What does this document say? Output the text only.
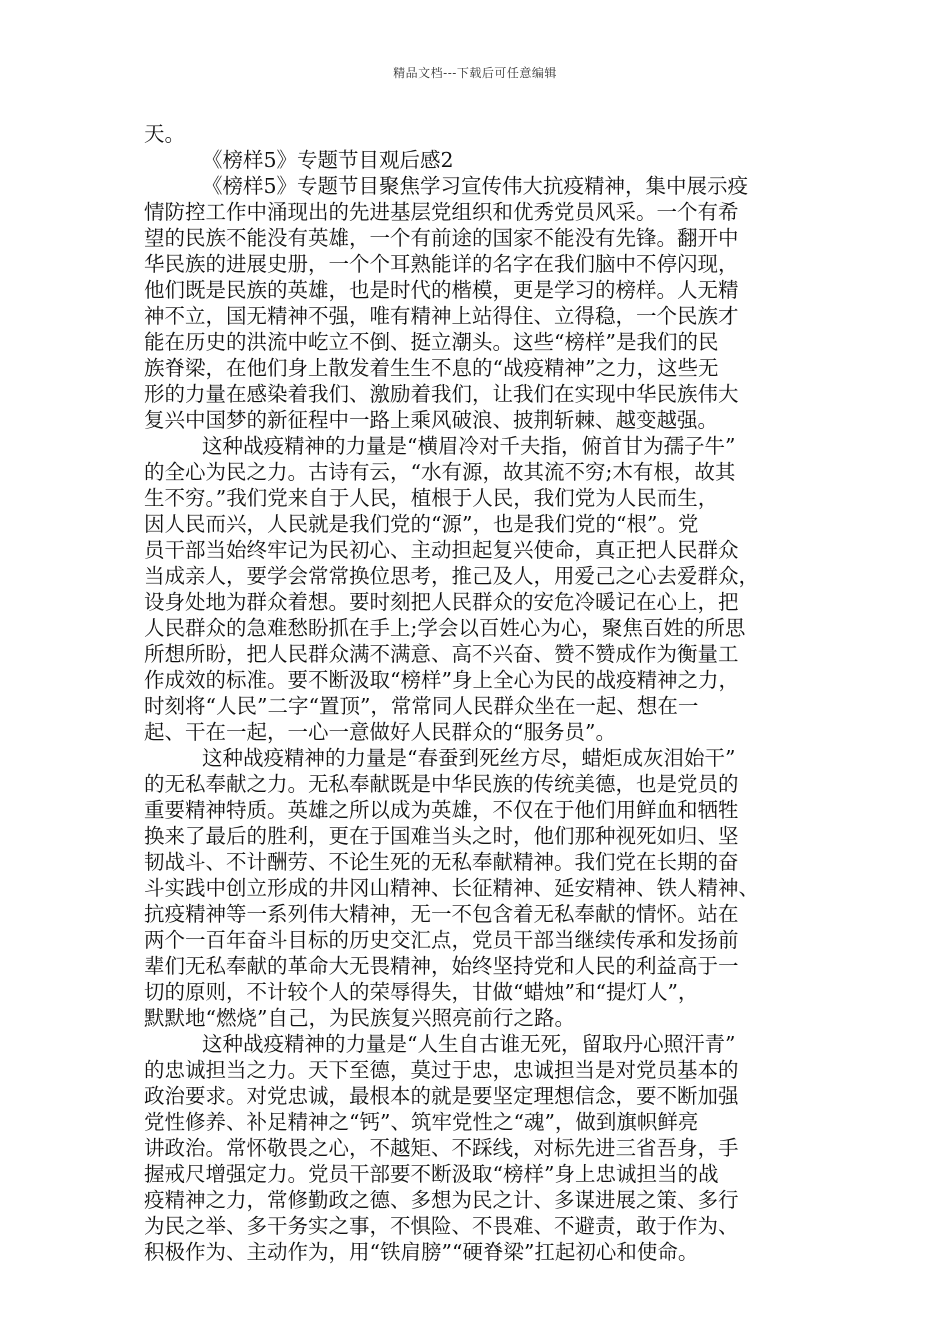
精品文档---下载后可任意编辑
天。
《榜样5》专题节目观后感2
《榜样5》专题节目聚焦学习宣传伟大抗疫精神，集中展示疫
情防控工作中涌现出的先进基层党组织和优秀党员风采。一个有希
望的民族不能没有英雄，一个有前途的国家不能没有先锋。翻开中
华民族的进展史册，一个个耳熟能详的名字在我们脑中不停闪现，
他们既是民族的英雄，也是时代的楷模，更是学习的榜样。人无精
神不立，国无精神不强，唯有精神上站得住、立得稳，一个民族才
能在历史的洪流中屹立不倒、挺立潮头。这些“榜样”是我们的民
族脊梁，在他们身上散发着生生不息的“战疫精神”之力，这些无
形的力量在感染着我们、激励着我们，让我们在实现中华民族伟大
复兴中国梦的新征程中一路上乘风破浪、披荆斩棘、越变越强。
这种战疫精神的力量是“横眉冷对千夫指，俯首甘为孺子牛”
的全心为民之力。古诗有云，“水有源，故其流不穷;木有根，故其
生不穷。”我们党来自于人民，植根于人民，我们党为人民而生，
因人民而兴，人民就是我们党的“源”，也是我们党的“根”。党
员干部当始终牢记为民初心、主动担起复兴使命，真正把人民群众
当成亲人，要学会常常换位思考，推己及人，用爱己之心去爱群众，
设身处地为群众着想。要时刻把人民群众的安危冷暖记在心上，把
人民群众的急难愁盼抓在手上;学会以百姓心为心，聚焦百姓的所思
所想所盼，把人民群众满不满意、高不兴奋、赞不赞成作为衡量工
作成效的标准。要不断汲取“榜样”身上全心为民的战疫精神之力，
时刻将“人民”二字“置顶”，常常同人民群众坐在一起、想在一
起、干在一起，一心一意做好人民群众的“服务员”。
这种战疫精神的力量是“春蚕到死丝方尽，蜡炬成灰泪始干”
的无私奉献之力。无私奉献既是中华民族的传统美德，也是党员的
重要精神特质。英雄之所以成为英雄，不仅在于他们用鲜血和牺牲
换来了最后的胜利，更在于国难当头之时，他们那种视死如归、坚
韧战斗、不计酬劳、不论生死的无私奉献精神。我们党在长期的奋
斗实践中创立形成的井冈山精神、长征精神、延安精神、铁人精神、
抗疫精神等一系列伟大精神，无一不包含着无私奉献的情怀。站在
两个一百年奋斗目标的历史交汇点，党员干部当继续传承和发扬前
辈们无私奉献的革命大无畏精神，始终坚持党和人民的利益高于一
切的原则，不计较个人的荣辱得失，甘做“蜡烛”和“提灯人”，
默默地“燃烧”自己，为民族复兴照亮前行之路。
这种战疫精神的力量是“人生自古谁无死，留取丹心照汗青”
的忠诚担当之力。天下至德，莫过于忠，忠诚担当是对党员基本的
政治要求。对党忠诚，最根本的就是要坚定理想信念，要不断加强
党性修养、补足精神之“钙”、筑牢党性之“魂”，做到旗帜鲜亮
讲政治。常怀敬畏之心，不越矩、不踩线，对标先进三省吾身，手
握戒尺增强定力。党员干部要不断汲取“榜样”身上忠诚担当的战
疫精神之力，常修勤政之德、多想为民之计、多谋进展之策、多行
为民之举、多干务实之事，不惧险、不畏难、不避责，敢于作为、
积极作为、主动作为，用“铁肩膀”“硬脊梁”扛起初心和使命。
